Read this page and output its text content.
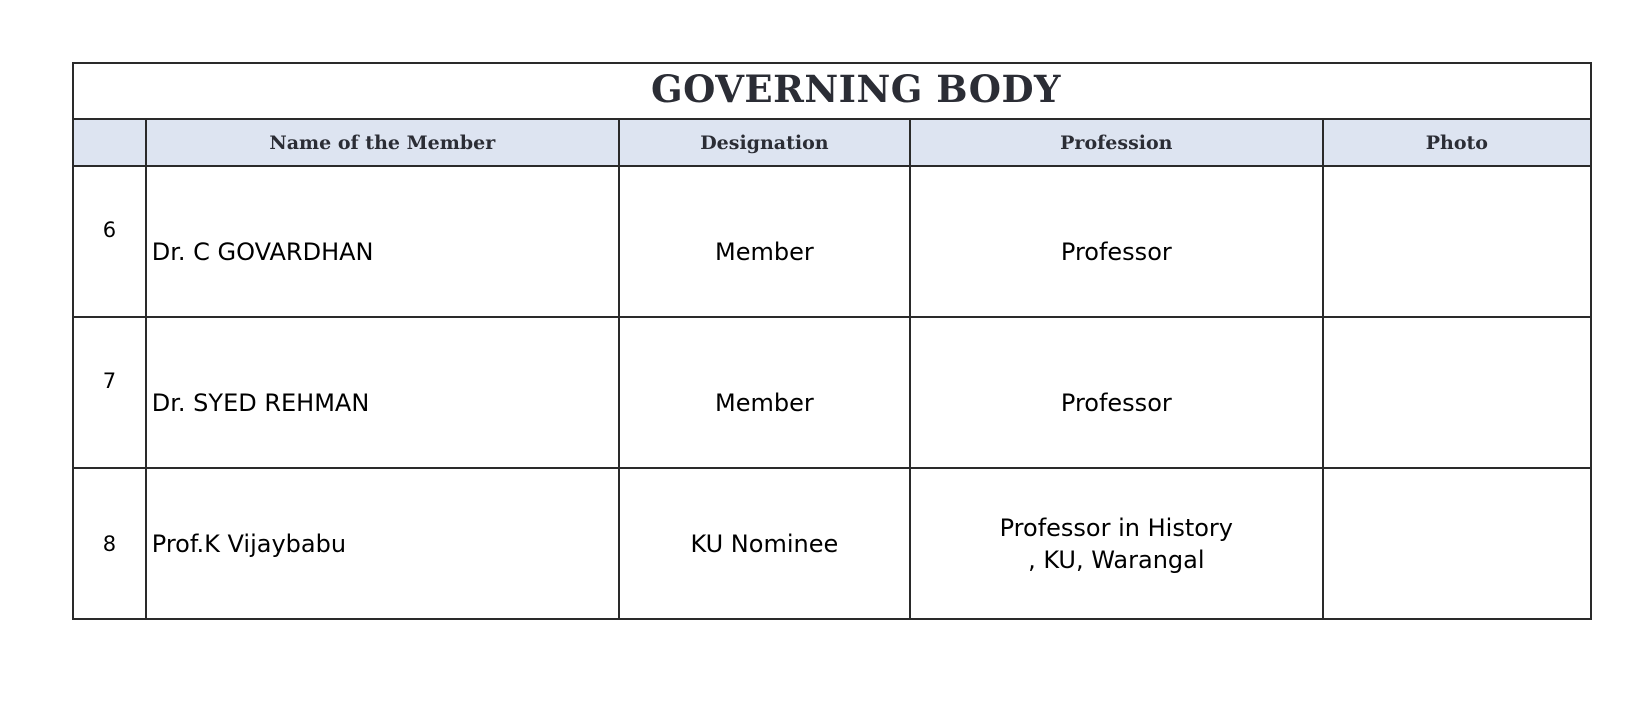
GOVERNING BODY				
	Name of the Member	Designation	Profession	Photo
6	Dr. C GOVARDHAN	Member	Professor	
7	Dr. SYED REHMAN	Member	Professor	
8	Prof.K Vijaybabu	KU Nominee	Professor in History
, KU, Warangal	
